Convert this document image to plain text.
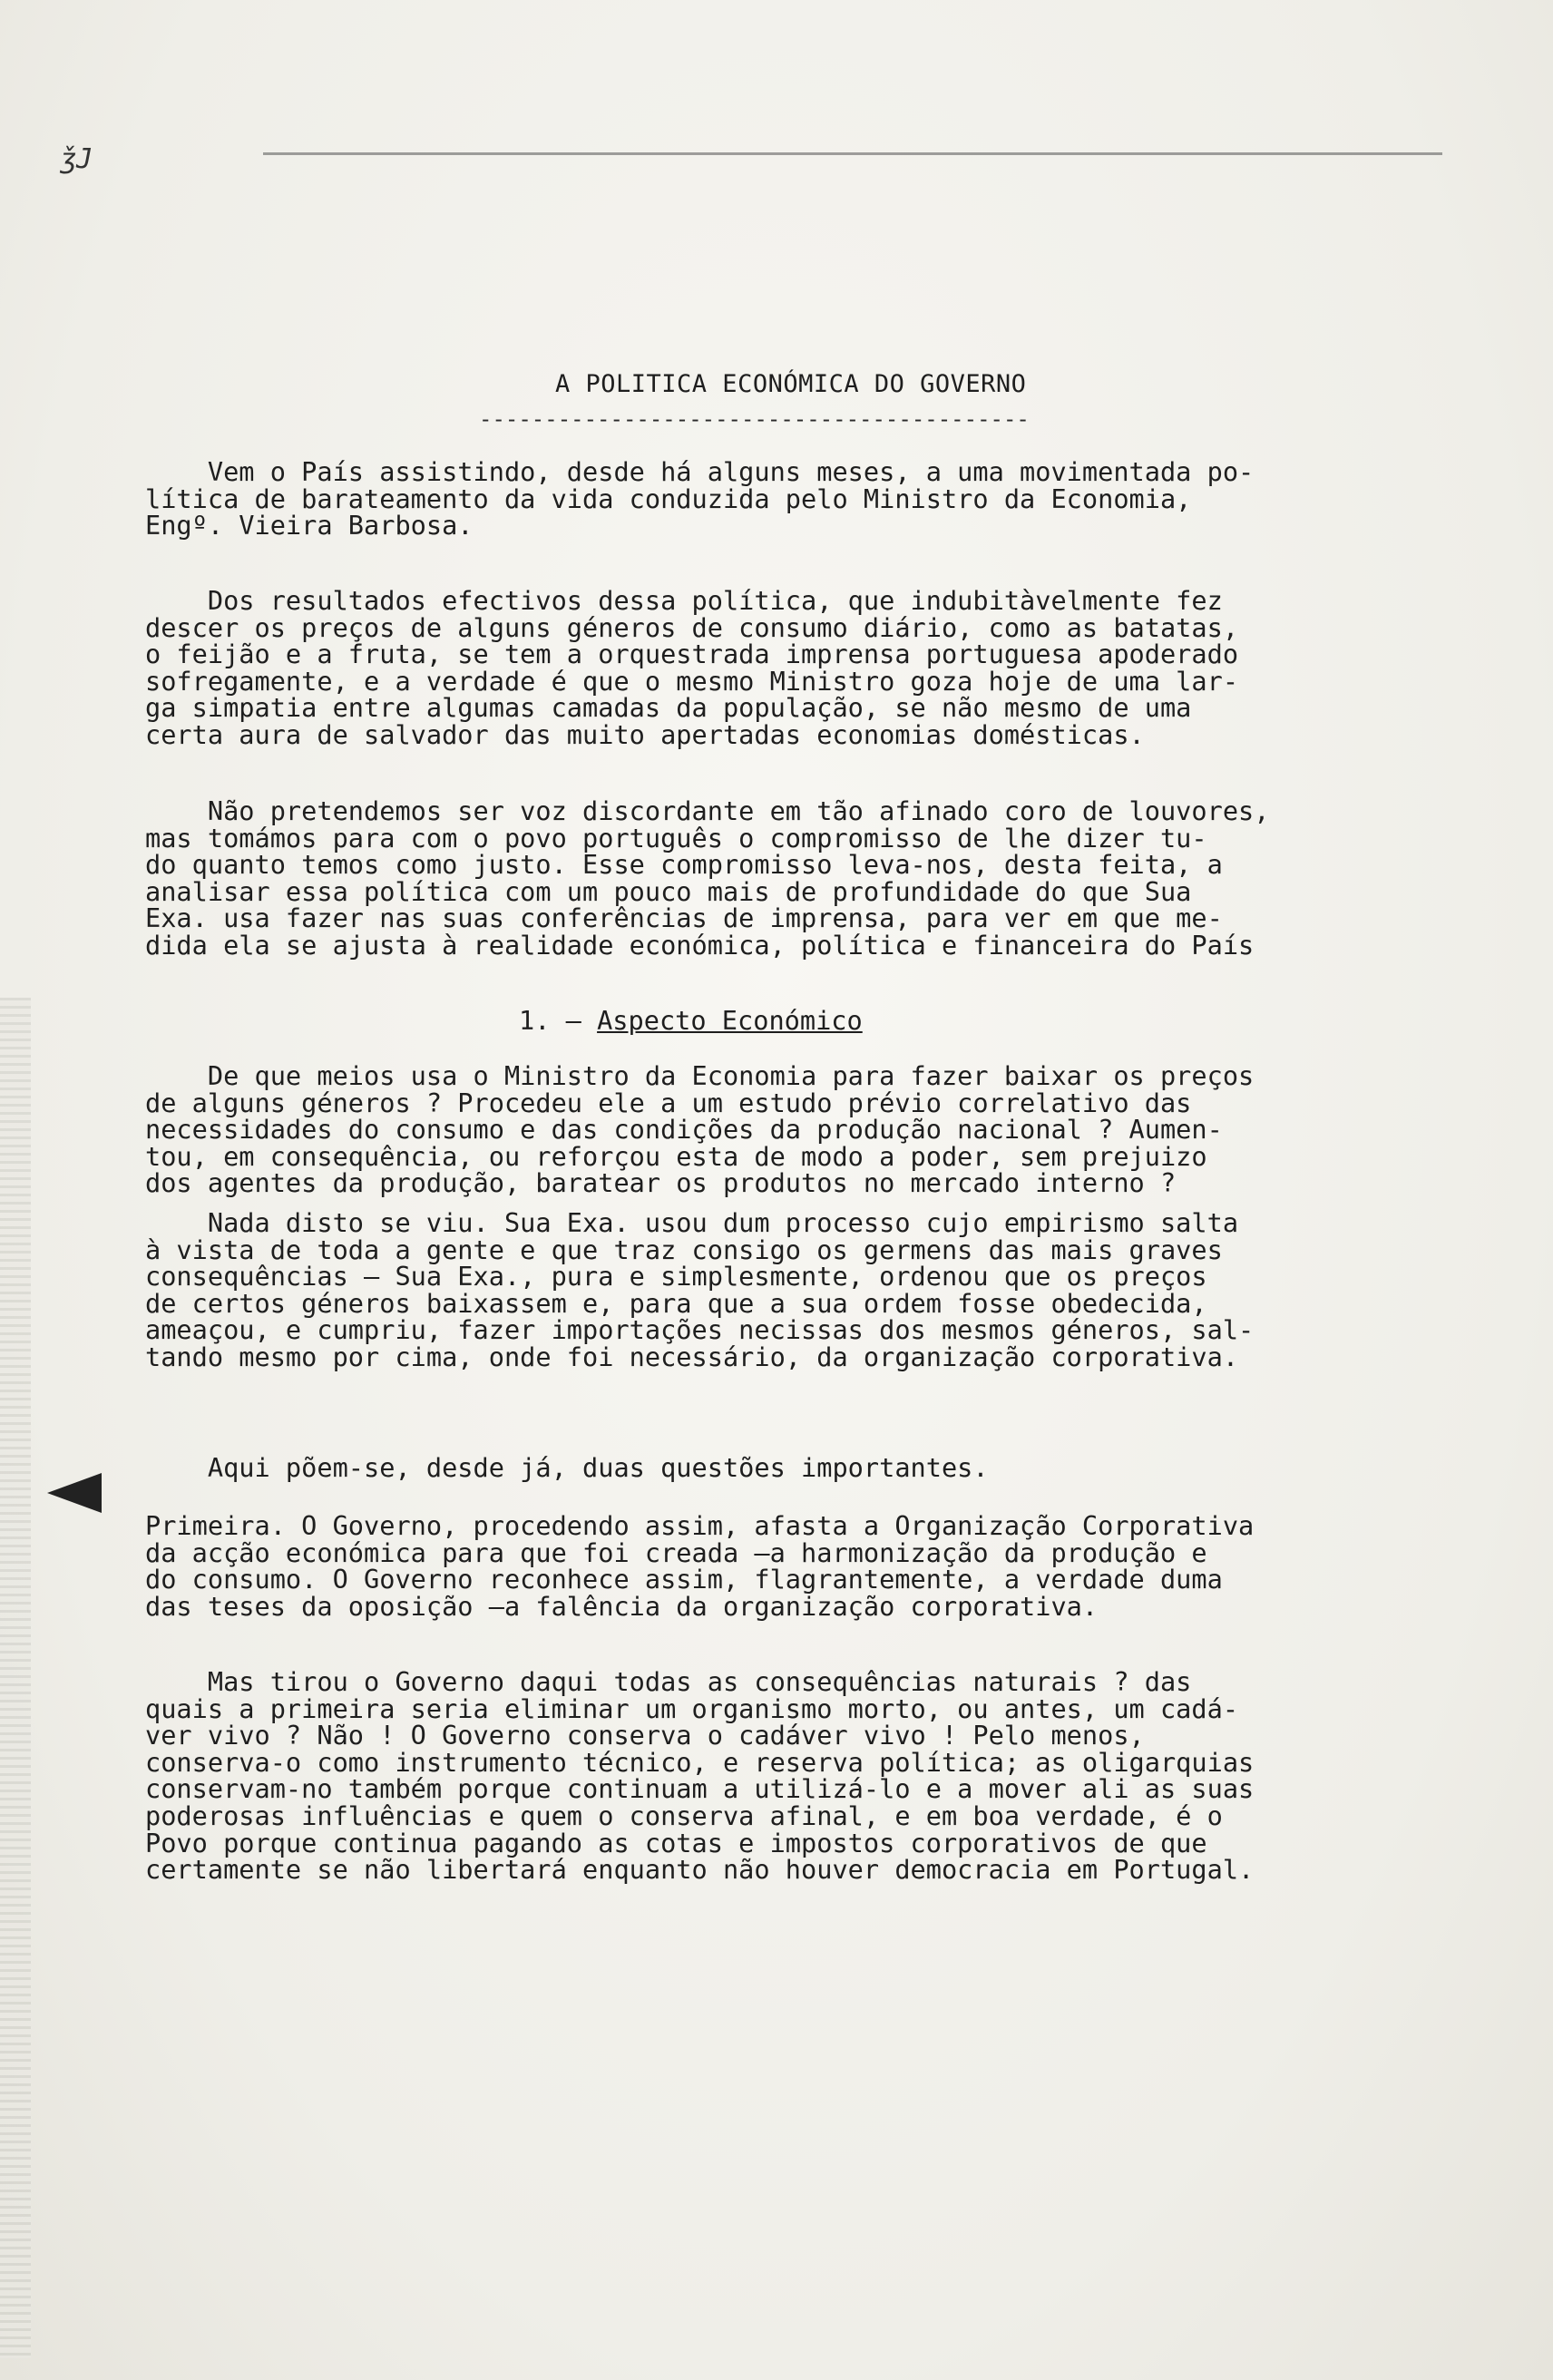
ǯJ
A POLITICA ECONÓMICA DO GOVERNO
------------------------------------------
Vem o País assistindo, desde há alguns meses, a uma movimentada po-
lítica de barateamento da vida conduzida pelo Ministro da Economia,
Engº. Vieira Barbosa.
Dos resultados efectivos dessa política, que indubitàvelmente fez
descer os preços de alguns géneros de consumo diário, como as batatas,
o feijão e a fruta, se tem a orquestrada imprensa portuguesa apoderado
sofregamente, e a verdade é que o mesmo Ministro goza hoje de uma lar-
ga simpatia entre algumas camadas da população, se não mesmo de uma
certa aura de salvador das muito apertadas economias domésticas.
Não pretendemos ser voz discordante em tão afinado coro de louvores,
mas tomámos para com o povo português o compromisso de lhe dizer tu-
do quanto temos como justo. Esse compromisso leva-nos, desta feita, a
analisar essa política com um pouco mais de profundidade do que Sua
Exa. usa fazer nas suas conferências de imprensa, para ver em que me-
dida ela se ajusta à realidade económica, política e financeira do País
1. — Aspecto Económico
De que meios usa o Ministro da Economia para fazer baixar os preços
de alguns géneros ? Procedeu ele a um estudo prévio correlativo das
necessidades do consumo e das condições da produção nacional ? Aumen-
tou, em consequência, ou reforçou esta de modo a poder, sem prejuizo
dos agentes da produção, baratear os produtos no mercado interno ?
Nada disto se viu. Sua Exa. usou dum processo cujo empirismo salta
à vista de toda a gente e que traz consigo os germens das mais graves
consequências — Sua Exa., pura e simplesmente, ordenou que os preços
de certos géneros baixassem e, para que a sua ordem fosse obedecida,
ameaçou, e cumpriu, fazer importações necissas dos mesmos géneros, sal-
tando mesmo por cima, onde foi necessário, da organização corporativa.
Aqui põem-se, desde já, duas questões importantes.
Primeira. O Governo, procedendo assim, afasta a Organização Corporativa
da acção económica para que foi creada —a harmonização da produção e
do consumo. O Governo reconhece assim, flagrantemente, a verdade duma
das teses da oposição —a falência da organização corporativa.
Mas tirou o Governo daqui todas as consequências naturais ? das
quais a primeira seria eliminar um organismo morto, ou antes, um cadá-
ver vivo ? Não ! O Governo conserva o cadáver vivo ! Pelo menos,
conserva-o como instrumento técnico, e reserva política; as oligarquias
conservam-no também porque continuam a utilizá-lo e a mover ali as suas
poderosas influências e quem o conserva afinal, e em boa verdade, é o
Povo porque continua pagando as cotas e impostos corporativos de que
certamente se não libertará enquanto não houver democracia em Portugal.
